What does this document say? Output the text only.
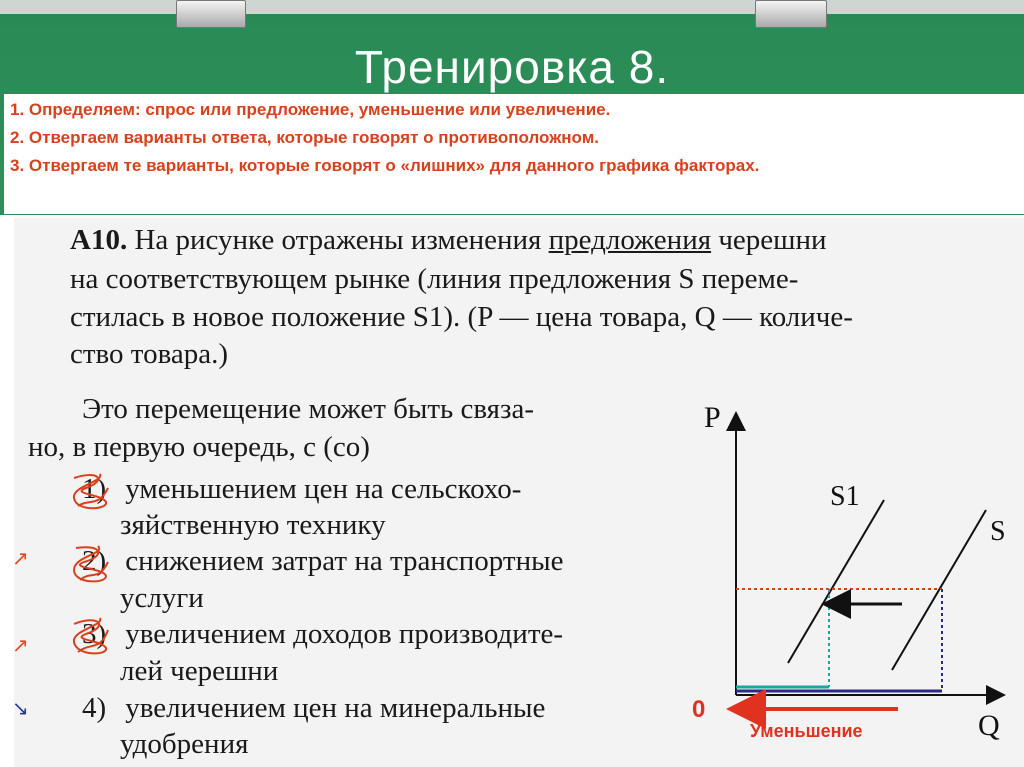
Тренировка 8.
1. Определяем: спрос или предложение, уменьшение или увеличение.
2. Отвергаем варианты ответа, которые говорят о противоположном.
3. Отвергаем те варианты, которые говорят о «лишних» для данного графика факторах.
A10. На рисунке отражены изменения предложения черешни
на соответствующем рынке (линия предложения S переме-
стилась в новое положение S1). (P — цена товара, Q — количе-
ство товара.)
Это перемещение может быть связа-
но, в первую очередь, с (со)
1) уменьшением цен на сельскохо-
зяйственную технику
2) снижением затрат на транспортные
услуги
3) увеличением доходов производите-
лей черешни
4) увеличением цен на минеральные
удобрения
↗
↗
↘
P
Q
S1
S
0
Уменьшение
